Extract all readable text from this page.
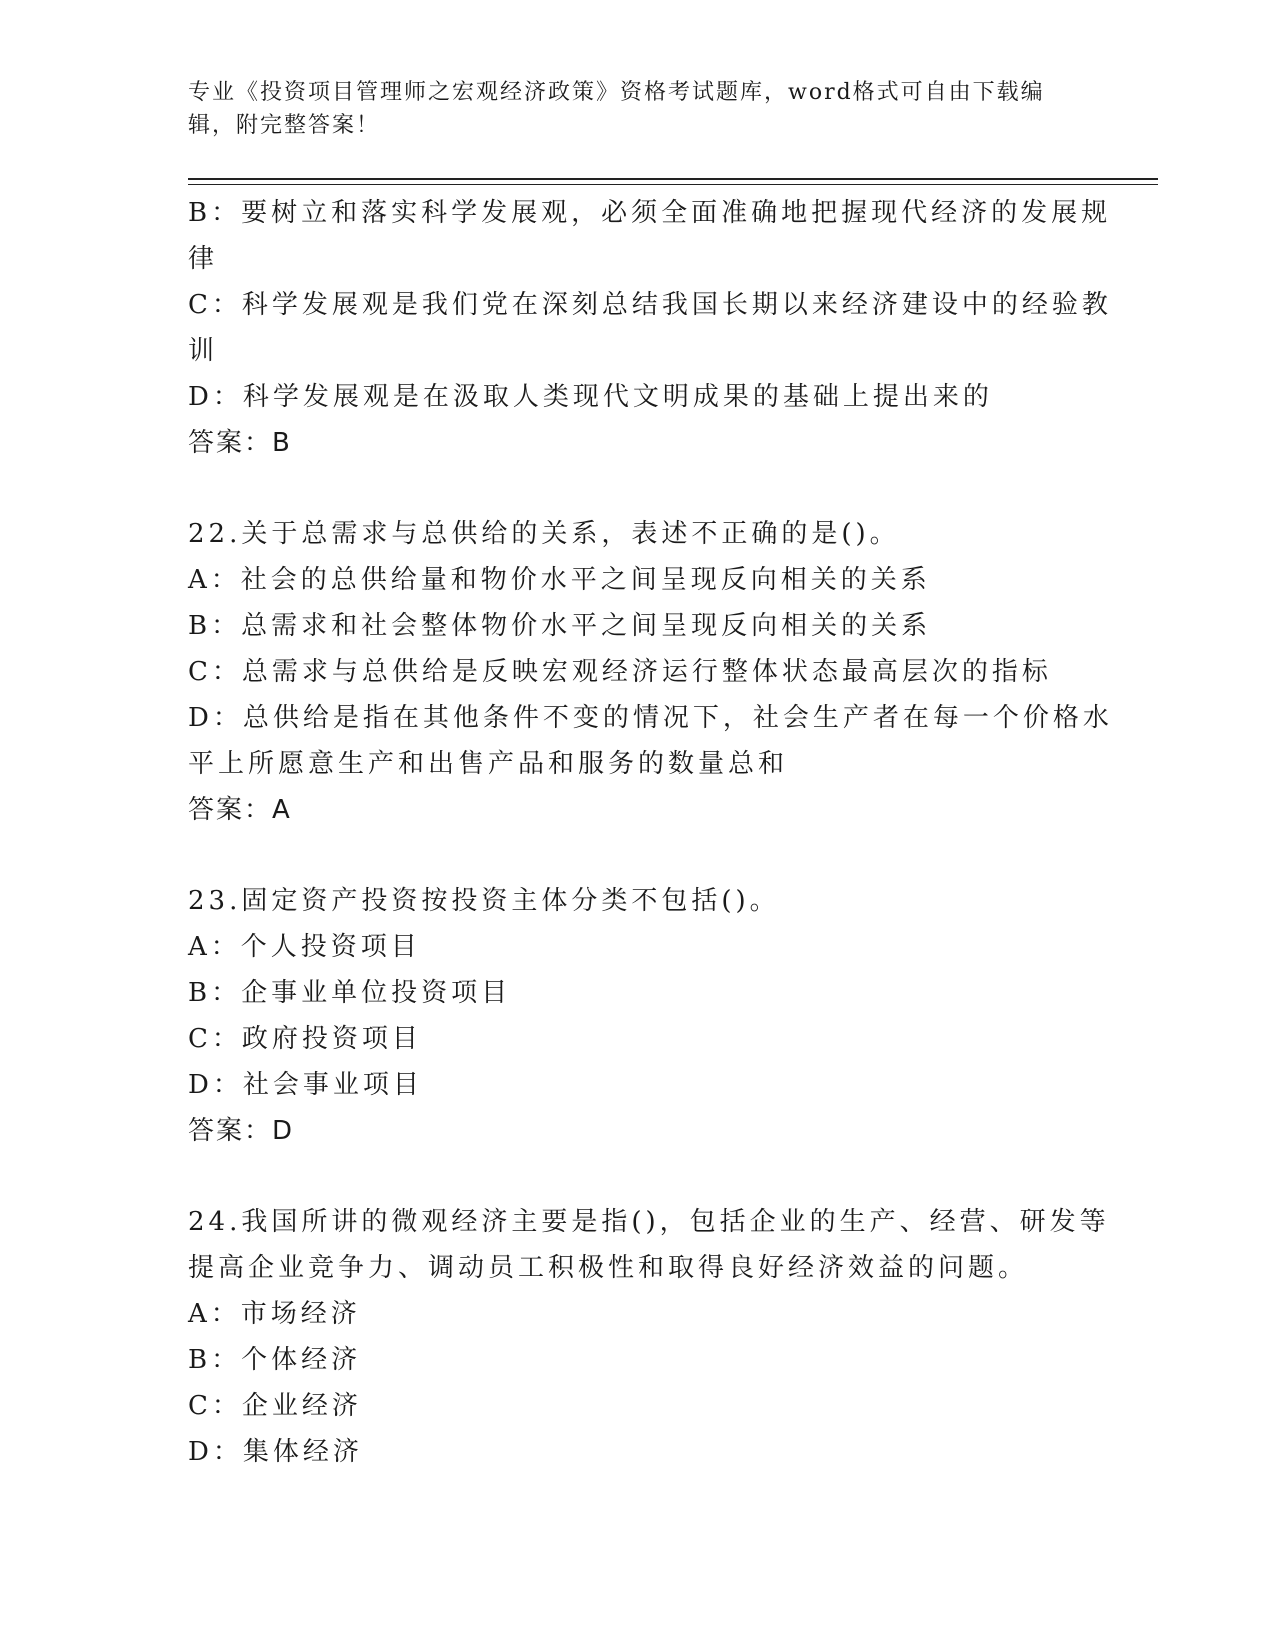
专业《投资项目管理师之宏观经济政策》资格考试题库，word格式可自由下载编
辑，附完整答案！
B：要树立和落实科学发展观，必须全面准确地把握现代经济的发展规
律
C：科学发展观是我们党在深刻总结我国长期以来经济建设中的经验教
训
D：科学发展观是在汲取人类现代文明成果的基础上提出来的
答案：B
22.关于总需求与总供给的关系，表述不正确的是()。
A：社会的总供给量和物价水平之间呈现反向相关的关系
B：总需求和社会整体物价水平之间呈现反向相关的关系
C：总需求与总供给是反映宏观经济运行整体状态最高层次的指标
D：总供给是指在其他条件不变的情况下，社会生产者在每一个价格水
平上所愿意生产和出售产品和服务的数量总和
答案：A
23.固定资产投资按投资主体分类不包括()。
A：个人投资项目
B：企事业单位投资项目
C：政府投资项目
D：社会事业项目
答案：D
24.我国所讲的微观经济主要是指()，包括企业的生产、经营、研发等
提高企业竞争力、调动员工积极性和取得良好经济效益的问题。
A：市场经济
B：个体经济
C：企业经济
D：集体经济
